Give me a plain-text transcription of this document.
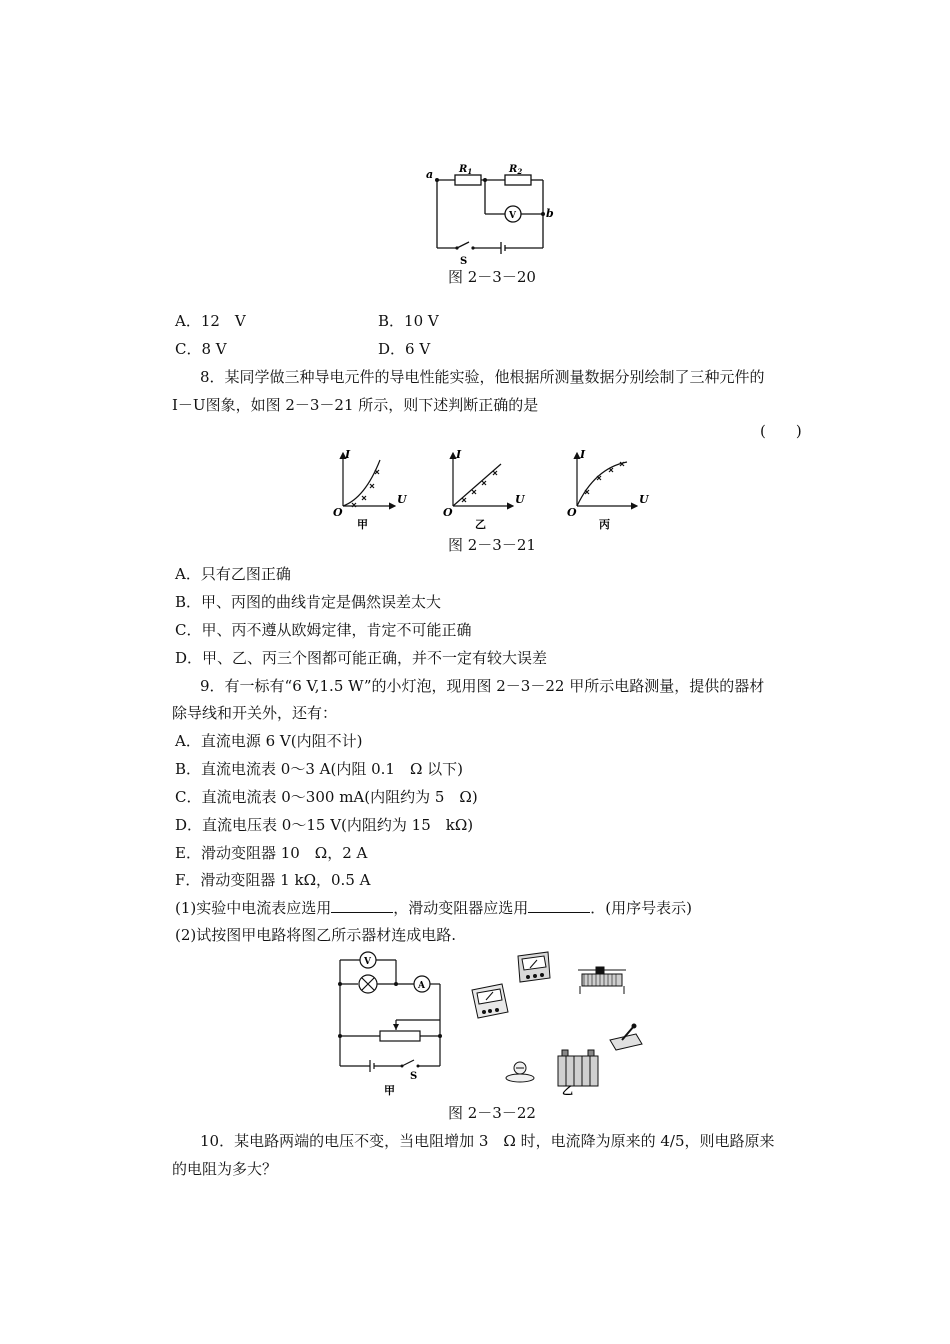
a	$R_1$	$R_2$
V	b
S
图 2－3－20
A．12　V	B．10 V
C．8 V	D．6 V
8．某同学做三种导电元件的导电性能实验，他根据所测量数据分别绘制了三种元件的
I－U图象，如图 2－3－21 所示，则下述判断正确的是
(　　)
I
U
O
甲
I
U
O
乙
I
U
O
丙
图 2－3－21
A．只有乙图正确
B．甲、丙图的曲线肯定是偶然误差太大
C．甲、丙不遵从欧姆定律，肯定不可能正确
D．甲、乙、丙三个图都可能正确，并不一定有较大误差
9．有一标有“6 V,1.5 W”的小灯泡，现用图 2－3－22 甲所示电路测量，提供的器材
除导线和开关外，还有：
A．直流电源 6 V(内阻不计)
B．直流电流表 0～3 A(内阻 0.1　Ω 以下)
C．直流电流表 0～300 mA(内阻约为 5　Ω)
D．直流电压表 0～15 V(内阻约为 15　kΩ)
E．滑动变阻器 10　Ω，2 A
F．滑动变阻器 1 kΩ，0.5 A
(1)实验中电流表应选用	，滑动变阻器应选用	．(用序号表示)
(2)试按图甲电路将图乙所示器材连成电路.
V
A
S
甲	乙
图 2－3－22
10．某电路两端的电压不变，当电阻增加 3　Ω 时，电流降为原来的 4/5，则电路原来
的电阻为多大？
